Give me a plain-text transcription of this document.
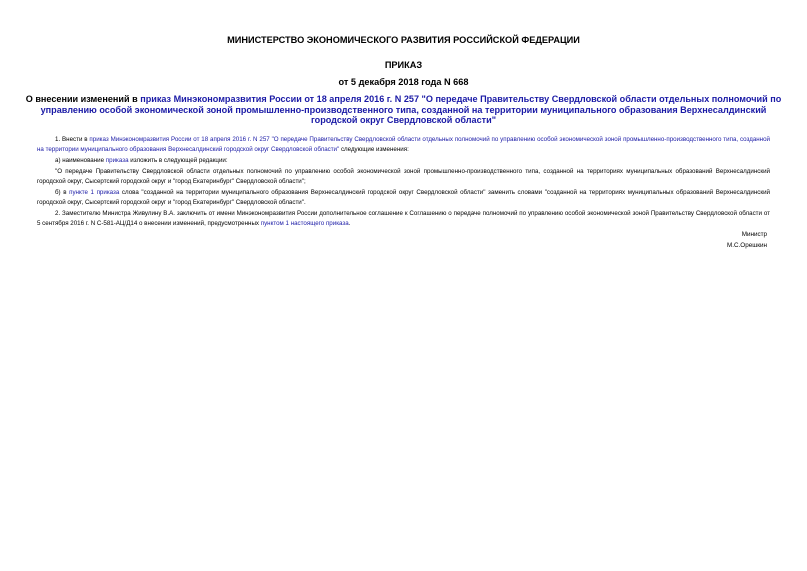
МИНИСТЕРСТВО ЭКОНОМИЧЕСКОГО РАЗВИТИЯ РОССИЙСКОЙ ФЕДЕРАЦИИ
ПРИКАЗ
от 5 декабря 2018 года N 668
О внесении изменений в приказ Минэкономразвития России от 18 апреля 2016 г. N 257 "О передаче Правительству Свердловской области отдельных полномочий по управлению особой экономической зоной промышленно-производственного типа, созданной на территории муниципального образования Верхнесалдинский городской округ Свердловской области"

1. Внести в приказ Минэкономразвития России от 18 апреля 2016 г. N 257 "О передаче Правительству Свердловской области отдельных полномочий по управлению особой экономической зоной промышленно-производственного типа, созданной на территории муниципального образования Верхнесалдинский городской округ Свердловской области" следующие изменения:

а) наименование приказа изложить в следующей редакции:

"О передаче Правительству Свердловской области отдельных полномочий по управлению особой экономической зоной промышленно-производственного типа, созданной на территориях муниципальных образований Верхнесалдинский городской округ, Сысертский городской округ и "город Екатеринбург" Свердловской области";

б) в пункте 1 приказа слова "созданной на территории муниципального образования Верхнесалдинский городской округ Свердловской области" заменить словами "созданной на территориях муниципальных образований Верхнесалдинский городской округ, Сысертский городской округ и "город Екатеринбург" Свердловской области".

2. Заместителю Министра Живулину В.А. заключить от имени Минэкономразвития России дополнительное соглашение к Соглашению о передаче полномочий по управлению особой экономической зоной Правительству Свердловской области от 5 сентября 2016 г. N С-581-АЦ/Д14 о внесении изменений, предусмотренных пунктом 1 настоящего приказа.

Министр
М.С.Орешкин
